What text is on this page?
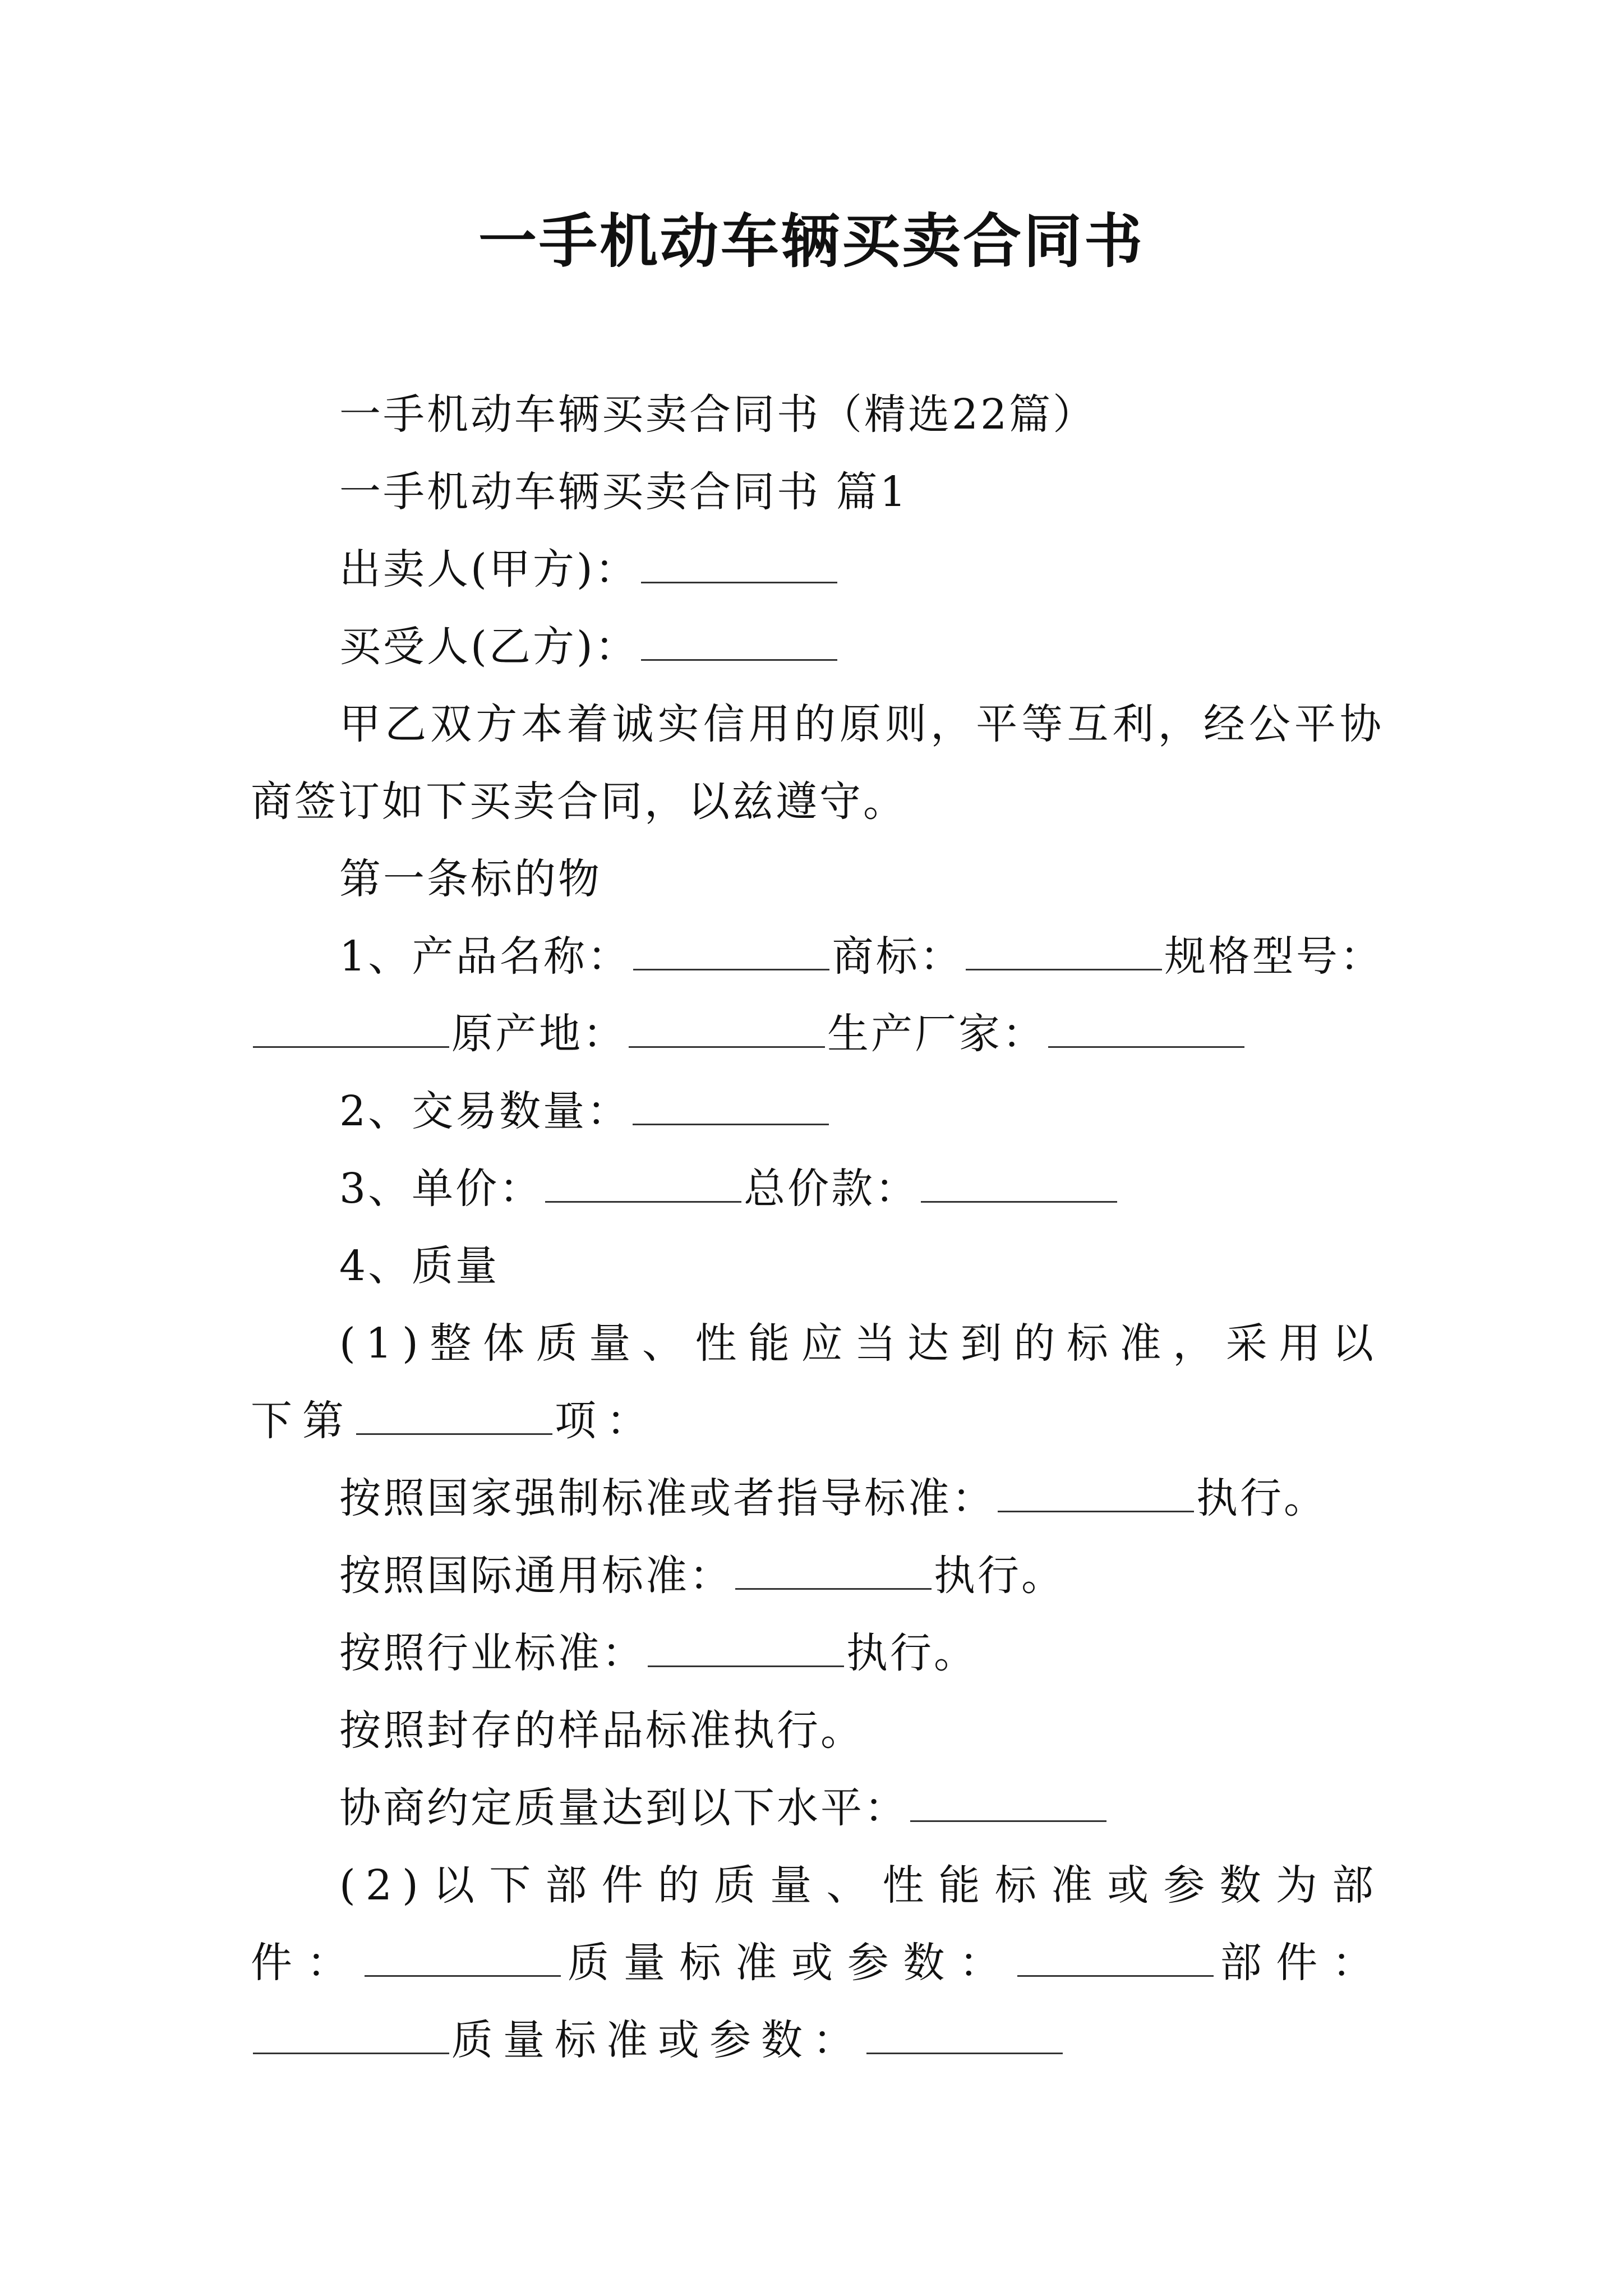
一手机动车辆买卖合同书

一手机动车辆买卖合同书（精选22篇）

一手机动车辆买卖合同书 篇1

出卖人(甲方)：

买受人(乙方)：

甲乙双方本着诚实信用的原则，平等互利，经公平协商签订如下买卖合同，以兹遵守。

第一条标的物

1、产品名称：	商标：	规格型号：原产地：	生产厂家：

2、交易数量：

3、单价：	总价款：

4、质量

(1)整体质量、性能应当达到的标准，采用以下第	项：

按照国家强制标准或者指导标准：	执行。

按照国际通用标准：	执行。

按照行业标准：	执行。

按照封存的样品标准执行。

协商约定质量达到以下水平：

(2)以下部件的质量、性能标准或参数为部件：	质量标准或参数：	部件：质量标准或参数：
